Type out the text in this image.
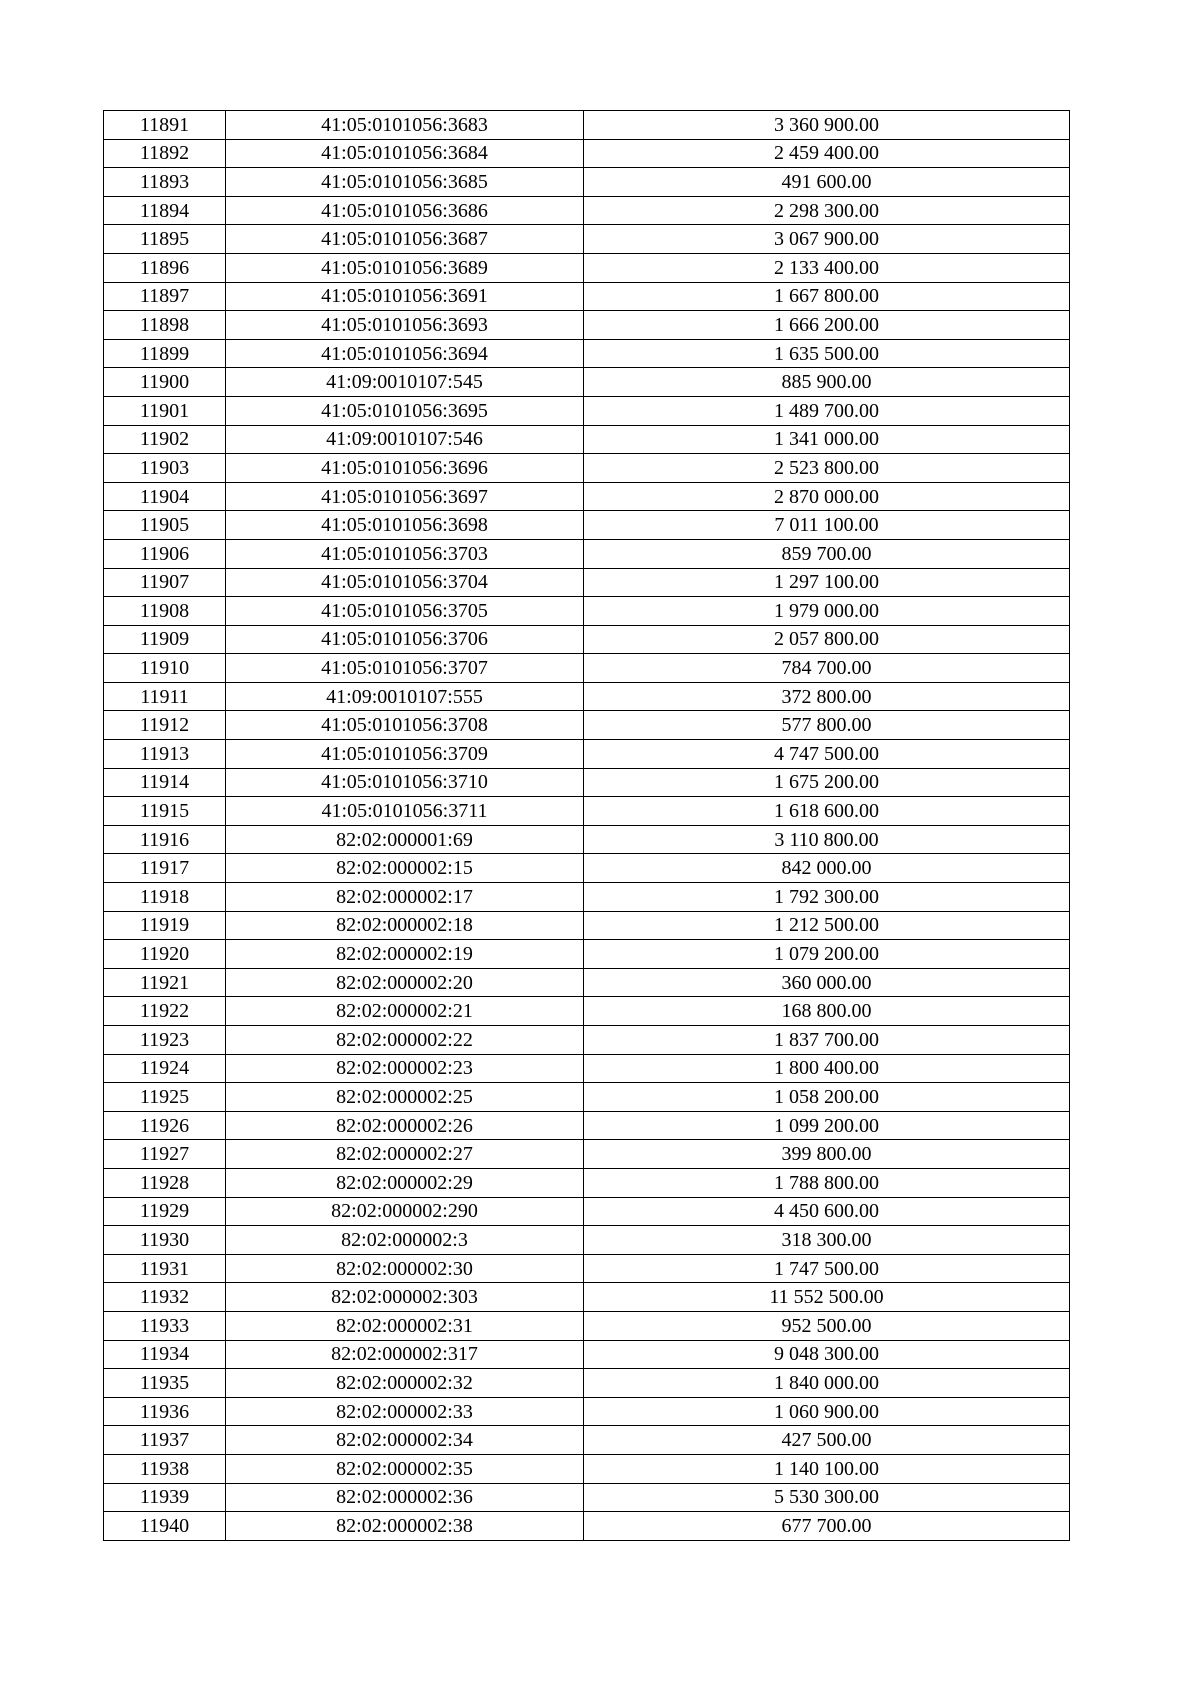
11891	41:05:0101056:3683	3 360 900.00
11892	41:05:0101056:3684	2 459 400.00
11893	41:05:0101056:3685	491 600.00
11894	41:05:0101056:3686	2 298 300.00
11895	41:05:0101056:3687	3 067 900.00
11896	41:05:0101056:3689	2 133 400.00
11897	41:05:0101056:3691	1 667 800.00
11898	41:05:0101056:3693	1 666 200.00
11899	41:05:0101056:3694	1 635 500.00
11900	41:09:0010107:545	885 900.00
11901	41:05:0101056:3695	1 489 700.00
11902	41:09:0010107:546	1 341 000.00
11903	41:05:0101056:3696	2 523 800.00
11904	41:05:0101056:3697	2 870 000.00
11905	41:05:0101056:3698	7 011 100.00
11906	41:05:0101056:3703	859 700.00
11907	41:05:0101056:3704	1 297 100.00
11908	41:05:0101056:3705	1 979 000.00
11909	41:05:0101056:3706	2 057 800.00
11910	41:05:0101056:3707	784 700.00
11911	41:09:0010107:555	372 800.00
11912	41:05:0101056:3708	577 800.00
11913	41:05:0101056:3709	4 747 500.00
11914	41:05:0101056:3710	1 675 200.00
11915	41:05:0101056:3711	1 618 600.00
11916	82:02:000001:69	3 110 800.00
11917	82:02:000002:15	842 000.00
11918	82:02:000002:17	1 792 300.00
11919	82:02:000002:18	1 212 500.00
11920	82:02:000002:19	1 079 200.00
11921	82:02:000002:20	360 000.00
11922	82:02:000002:21	168 800.00
11923	82:02:000002:22	1 837 700.00
11924	82:02:000002:23	1 800 400.00
11925	82:02:000002:25	1 058 200.00
11926	82:02:000002:26	1 099 200.00
11927	82:02:000002:27	399 800.00
11928	82:02:000002:29	1 788 800.00
11929	82:02:000002:290	4 450 600.00
11930	82:02:000002:3	318 300.00
11931	82:02:000002:30	1 747 500.00
11932	82:02:000002:303	11 552 500.00
11933	82:02:000002:31	952 500.00
11934	82:02:000002:317	9 048 300.00
11935	82:02:000002:32	1 840 000.00
11936	82:02:000002:33	1 060 900.00
11937	82:02:000002:34	427 500.00
11938	82:02:000002:35	1 140 100.00
11939	82:02:000002:36	5 530 300.00
11940	82:02:000002:38	677 700.00
